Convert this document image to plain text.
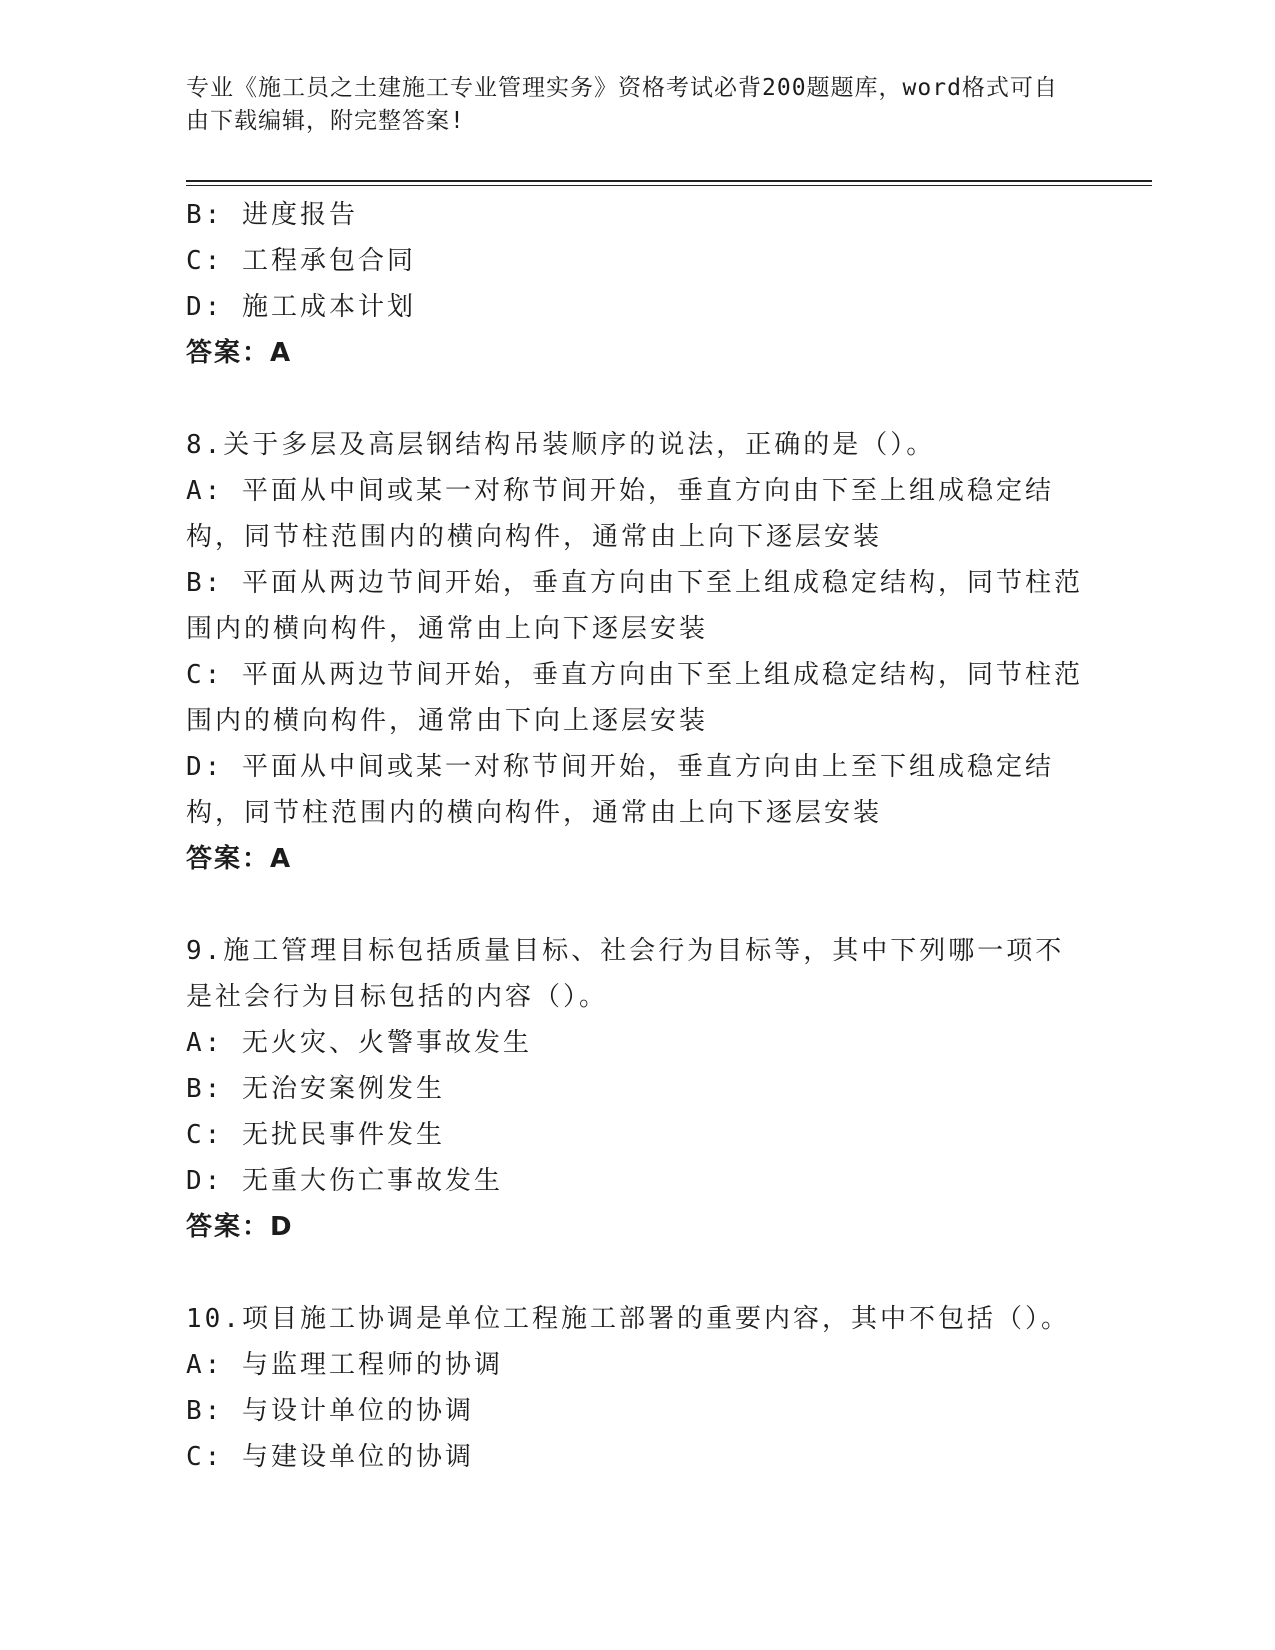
专业《施工员之土建施工专业管理实务》资格考试必背200题题库，word格式可自由下载编辑，附完整答案!

B: 进度报告

C: 工程承包合同

D: 施工成本计划

答案：A

8.关于多层及高层钢结构吊装顺序的说法，正确的是（）。

A: 平面从中间或某一对称节间开始，垂直方向由下至上组成稳定结构，同节柱范围内的横向构件，通常由上向下逐层安装

B: 平面从两边节间开始，垂直方向由下至上组成稳定结构，同节柱范围内的横向构件，通常由上向下逐层安装

C: 平面从两边节间开始，垂直方向由下至上组成稳定结构，同节柱范围内的横向构件，通常由下向上逐层安装

D: 平面从中间或某一对称节间开始，垂直方向由上至下组成稳定结构，同节柱范围内的横向构件，通常由上向下逐层安装

答案：A

9.施工管理目标包括质量目标、社会行为目标等，其中下列哪一项不是社会行为目标包括的内容（）。

A: 无火灾、火警事故发生

B: 无治安案例发生

C: 无扰民事件发生

D: 无重大伤亡事故发生

答案：D

10.项目施工协调是单位工程施工部署的重要内容，其中不包括（）。

A: 与监理工程师的协调

B: 与设计单位的协调

C: 与建设单位的协调
